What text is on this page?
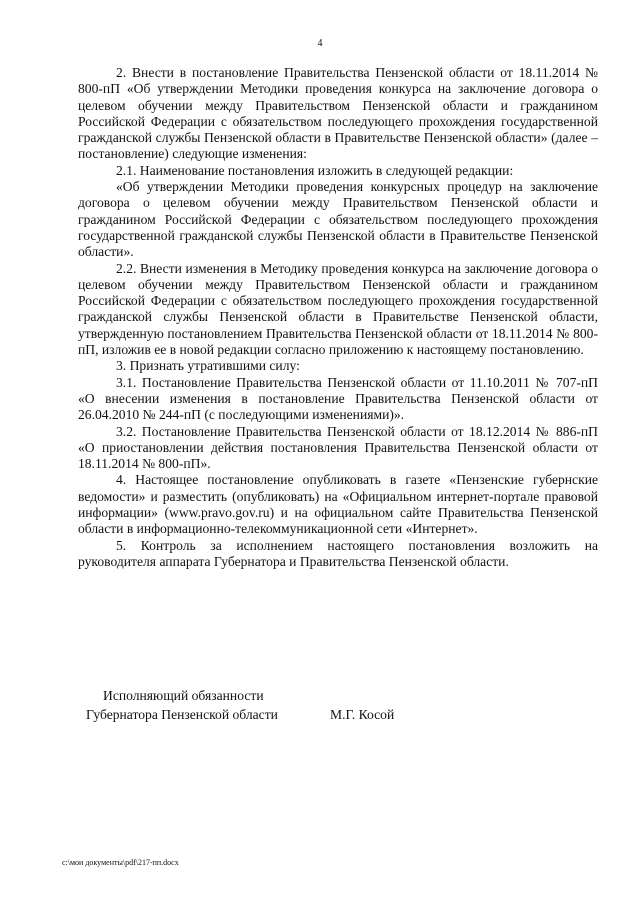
4

2. Внести в постановление Правительства Пензенской области от 18.11.2014 № 800-пП «Об утверждении Методики проведения конкурса на заключение договора о целевом обучении между Правительством Пензенской области и гражданином Российской Федерации с обязательством последующего прохождения государственной гражданской службы Пензенской области в Правительстве Пензенской области» (далее – постановление) следующие изменения:

2.1. Наименование постановления изложить в следующей редакции:

«Об утверждении Методики проведения конкурсных процедур на заключение договора о целевом обучении между Правительством Пензенской области и гражданином Российской Федерации с обязательством последующего прохождения государственной гражданской службы Пензенской области в Правительстве Пензенской области».

2.2. Внести изменения в Методику проведения конкурса на заключение договора о целевом обучении между Правительством Пензенской области и гражданином Российской Федерации с обязательством последующего прохождения государственной гражданской службы Пензенской области в Правительстве Пензенской области, утвержденную постановлением Правительства Пензенской области от 18.11.2014 № 800-пП, изложив ее в новой редакции согласно приложению к настоящему постановлению.

3. Признать утратившими силу:

3.1. Постановление Правительства Пензенской области от 11.10.2011 № 707-пП «О внесении изменения в постановление Правительства Пензенской области от 26.04.2010 № 244-пП (с последующими изменениями)».

3.2. Постановление Правительства Пензенской области от 18.12.2014 № 886-пП «О приостановлении действия постановления Правительства Пензенской области от 18.11.2014 № 800-пП».

4. Настоящее постановление опубликовать в газете «Пензенские губернские ведомости» и разместить (опубликовать) на «Официальном интернет-портале правовой информации» (www.pravo.gov.ru) и на официальном сайте Правительства Пензенской области в информационно-телекоммуникационной сети «Интернет».

5. Контроль за исполнением настоящего постановления возложить на руководителя аппарата Губернатора и Правительства Пензенской области.

Исполняющий обязанности
Губернатора Пензенской области	М.Г. Косой
c:\мои документы\pdf\217-пп.docx
